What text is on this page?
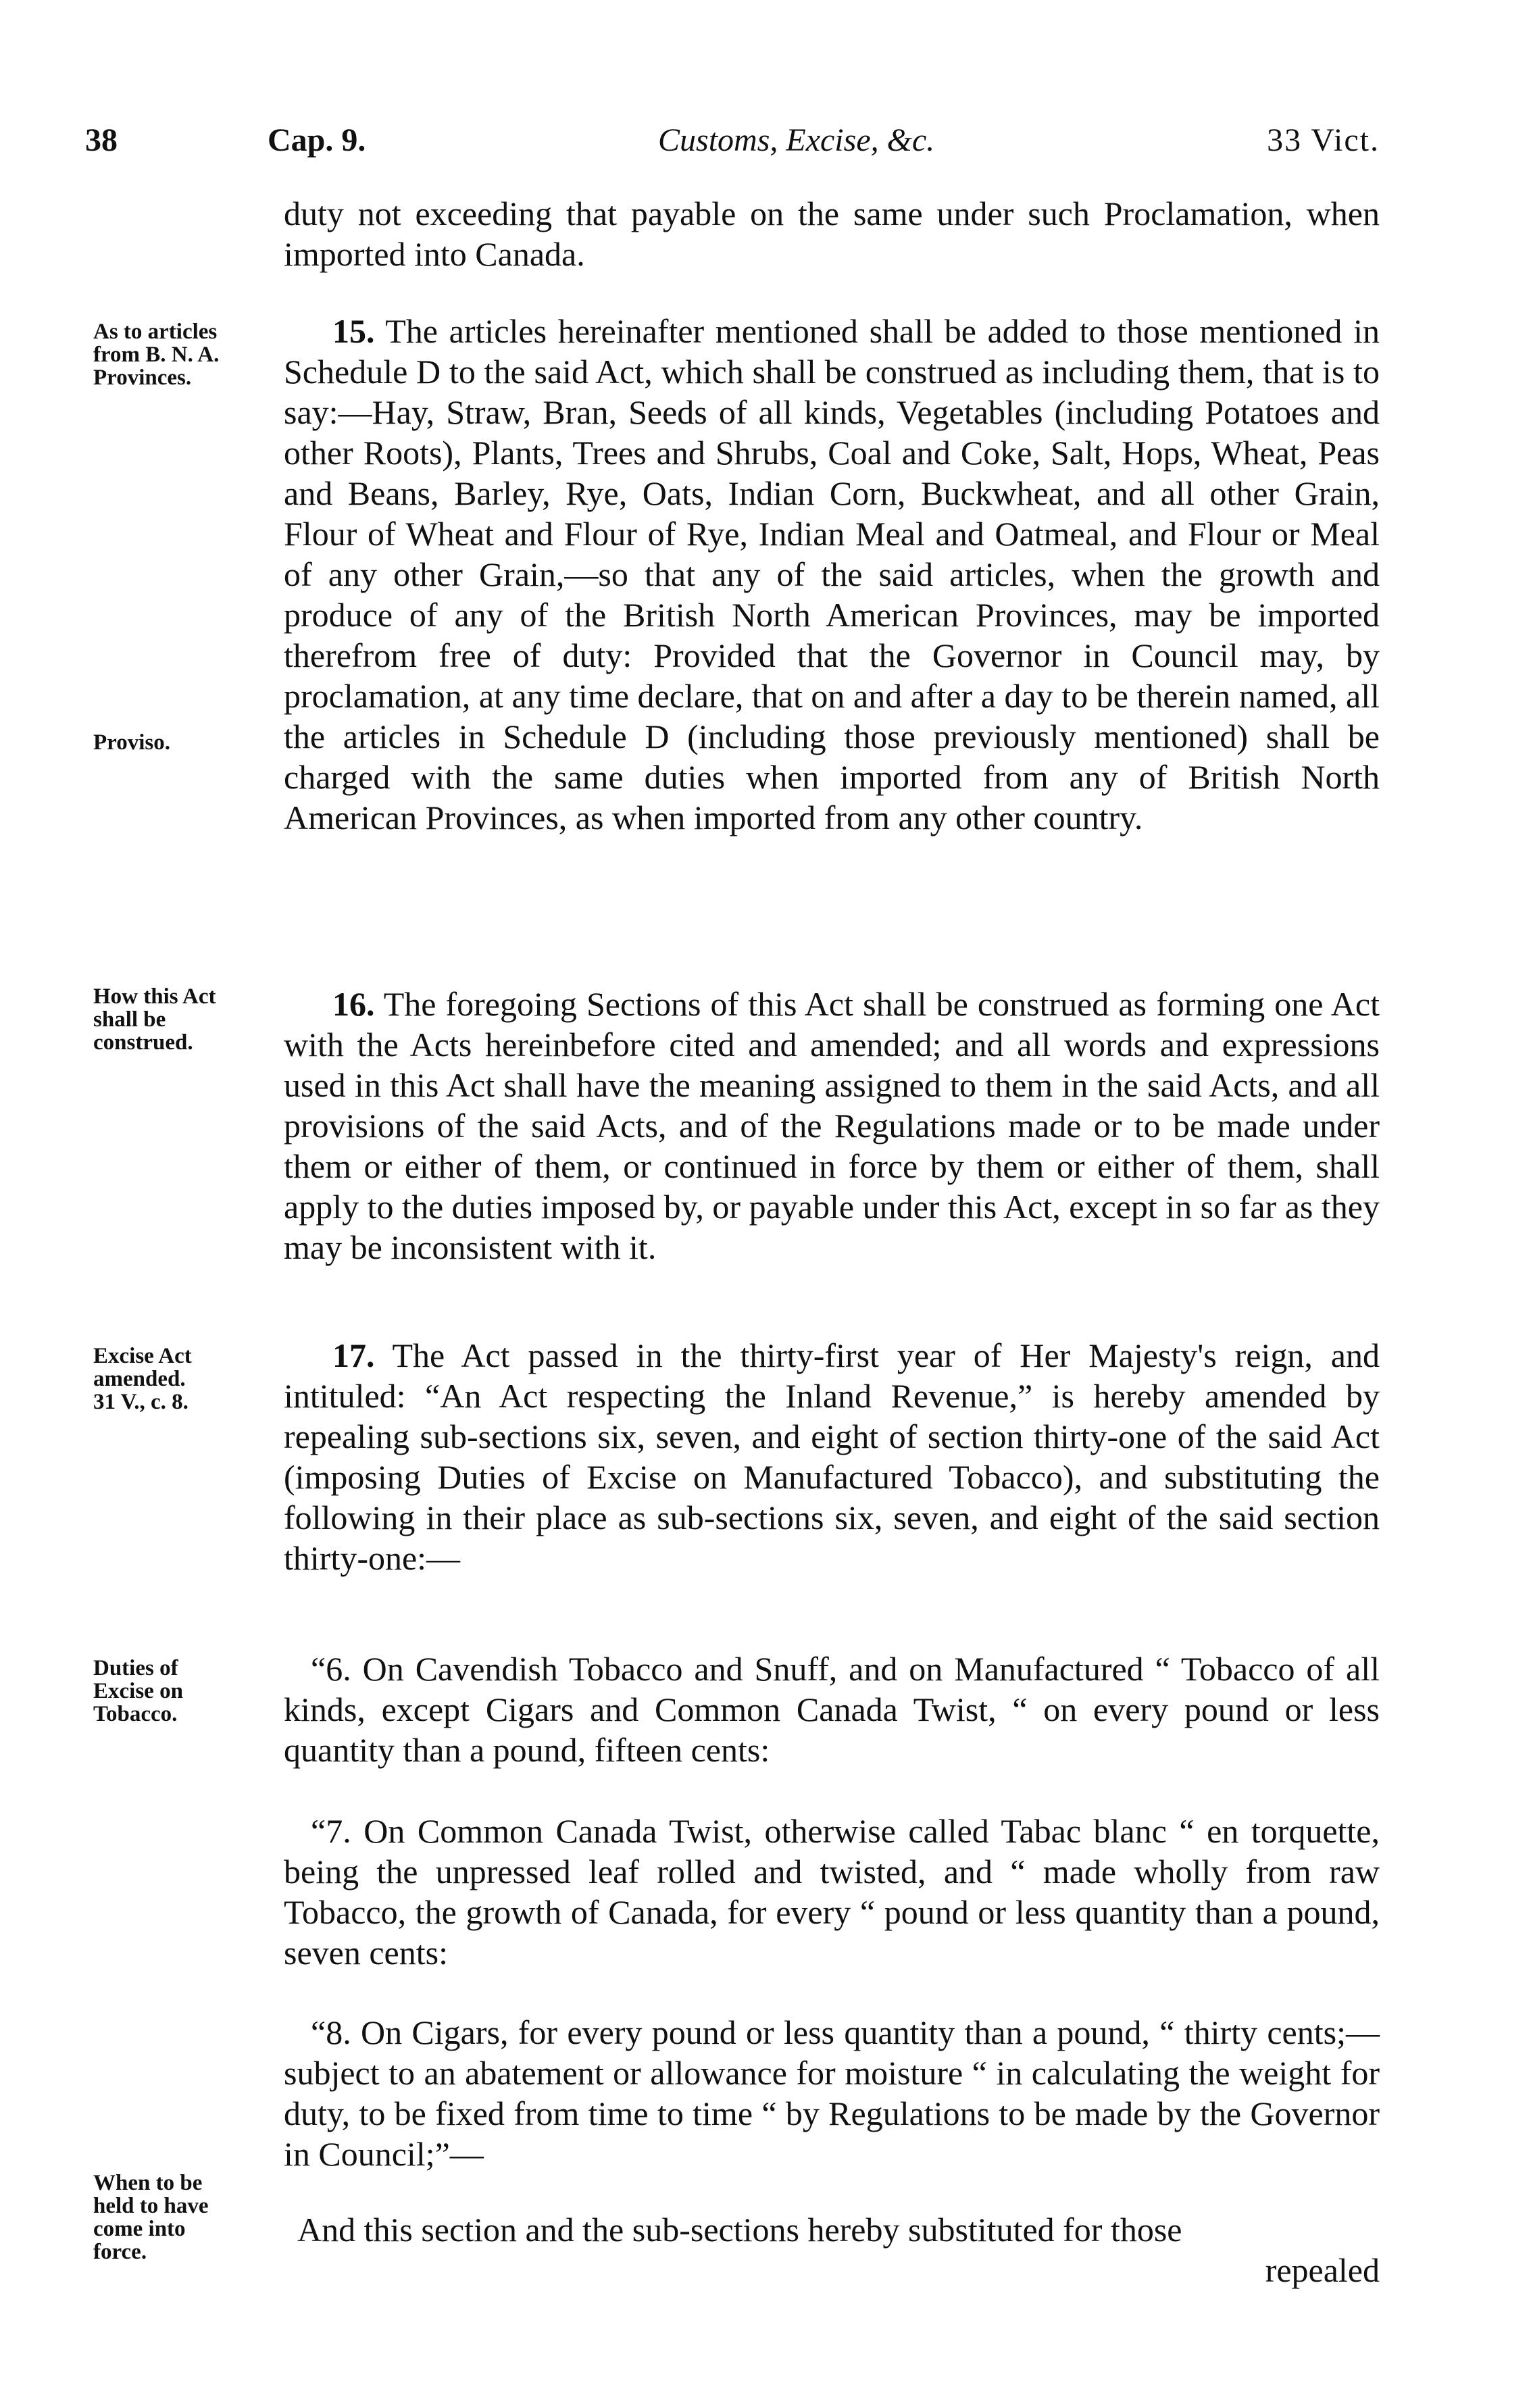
38	Cap. 9.	Customs, Excise, &c.	33 Vict.
duty not exceeding that payable on the same under such Proclamation, when imported into Canada.
As to articles
from B. N. A.
Provinces.
15. The articles hereinafter mentioned shall be added to those mentioned in Schedule D to the said Act, which shall be construed as including them, that is to say:—Hay, Straw, Bran, Seeds of all kinds, Vegetables (including Potatoes and other Roots), Plants, Trees and Shrubs, Coal and Coke, Salt, Hops, Wheat, Peas and Beans, Barley, Rye, Oats, Indian Corn, Buckwheat, and all other Grain, Flour of Wheat and Flour of Rye, Indian Meal and Oatmeal, and Flour or Meal of any other Grain,—so that any of the said articles, when the growth and produce of any of the British North American Provinces, may be imported therefrom free of duty: Provided that the Governor in Council may, by proclamation, at any time declare, that on and after a day to be therein named, all the articles in Schedule D (including those previously mentioned) shall be charged with the same duties when imported from any of British North American Provinces, as when imported from any other country.
Proviso.
How this Act
shall be
construed.
16. The foregoing Sections of this Act shall be construed as forming one Act with the Acts hereinbefore cited and amended; and all words and expressions used in this Act shall have the meaning assigned to them in the said Acts, and all provisions of the said Acts, and of the Regulations made or to be made under them or either of them, or continued in force by them or either of them, shall apply to the duties imposed by, or payable under this Act, except in so far as they may be inconsistent with it.
Excise Act
amended.
31 V., c. 8.
17. The Act passed in the thirty-first year of Her Majesty's reign, and intituled: “An Act respecting the Inland Revenue,” is hereby amended by repealing sub-sections six, seven, and eight of section thirty-one of the said Act (imposing Duties of Excise on Manufactured Tobacco), and substituting the following in their place as sub-sections six, seven, and eight of the said section thirty-one:—
Duties of
Excise on
Tobacco.
“6. On Cavendish Tobacco and Snuff, and on Manufactured “ Tobacco of all kinds, except Cigars and Common Canada Twist, “ on every pound or less quantity than a pound, fifteen cents:
“7. On Common Canada Twist, otherwise called Tabac blanc “ en torquette, being the unpressed leaf rolled and twisted, and “ made wholly from raw Tobacco, the growth of Canada, for every “ pound or less quantity than a pound, seven cents:
“8. On Cigars, for every pound or less quantity than a pound, “ thirty cents;—subject to an abatement or allowance for moisture “ in calculating the weight for duty, to be fixed from time to time “ by Regulations to be made by the Governor in Council;”—
When to be
held to have
come into
force.
And this section and the sub-sections hereby substituted for those
repealed
